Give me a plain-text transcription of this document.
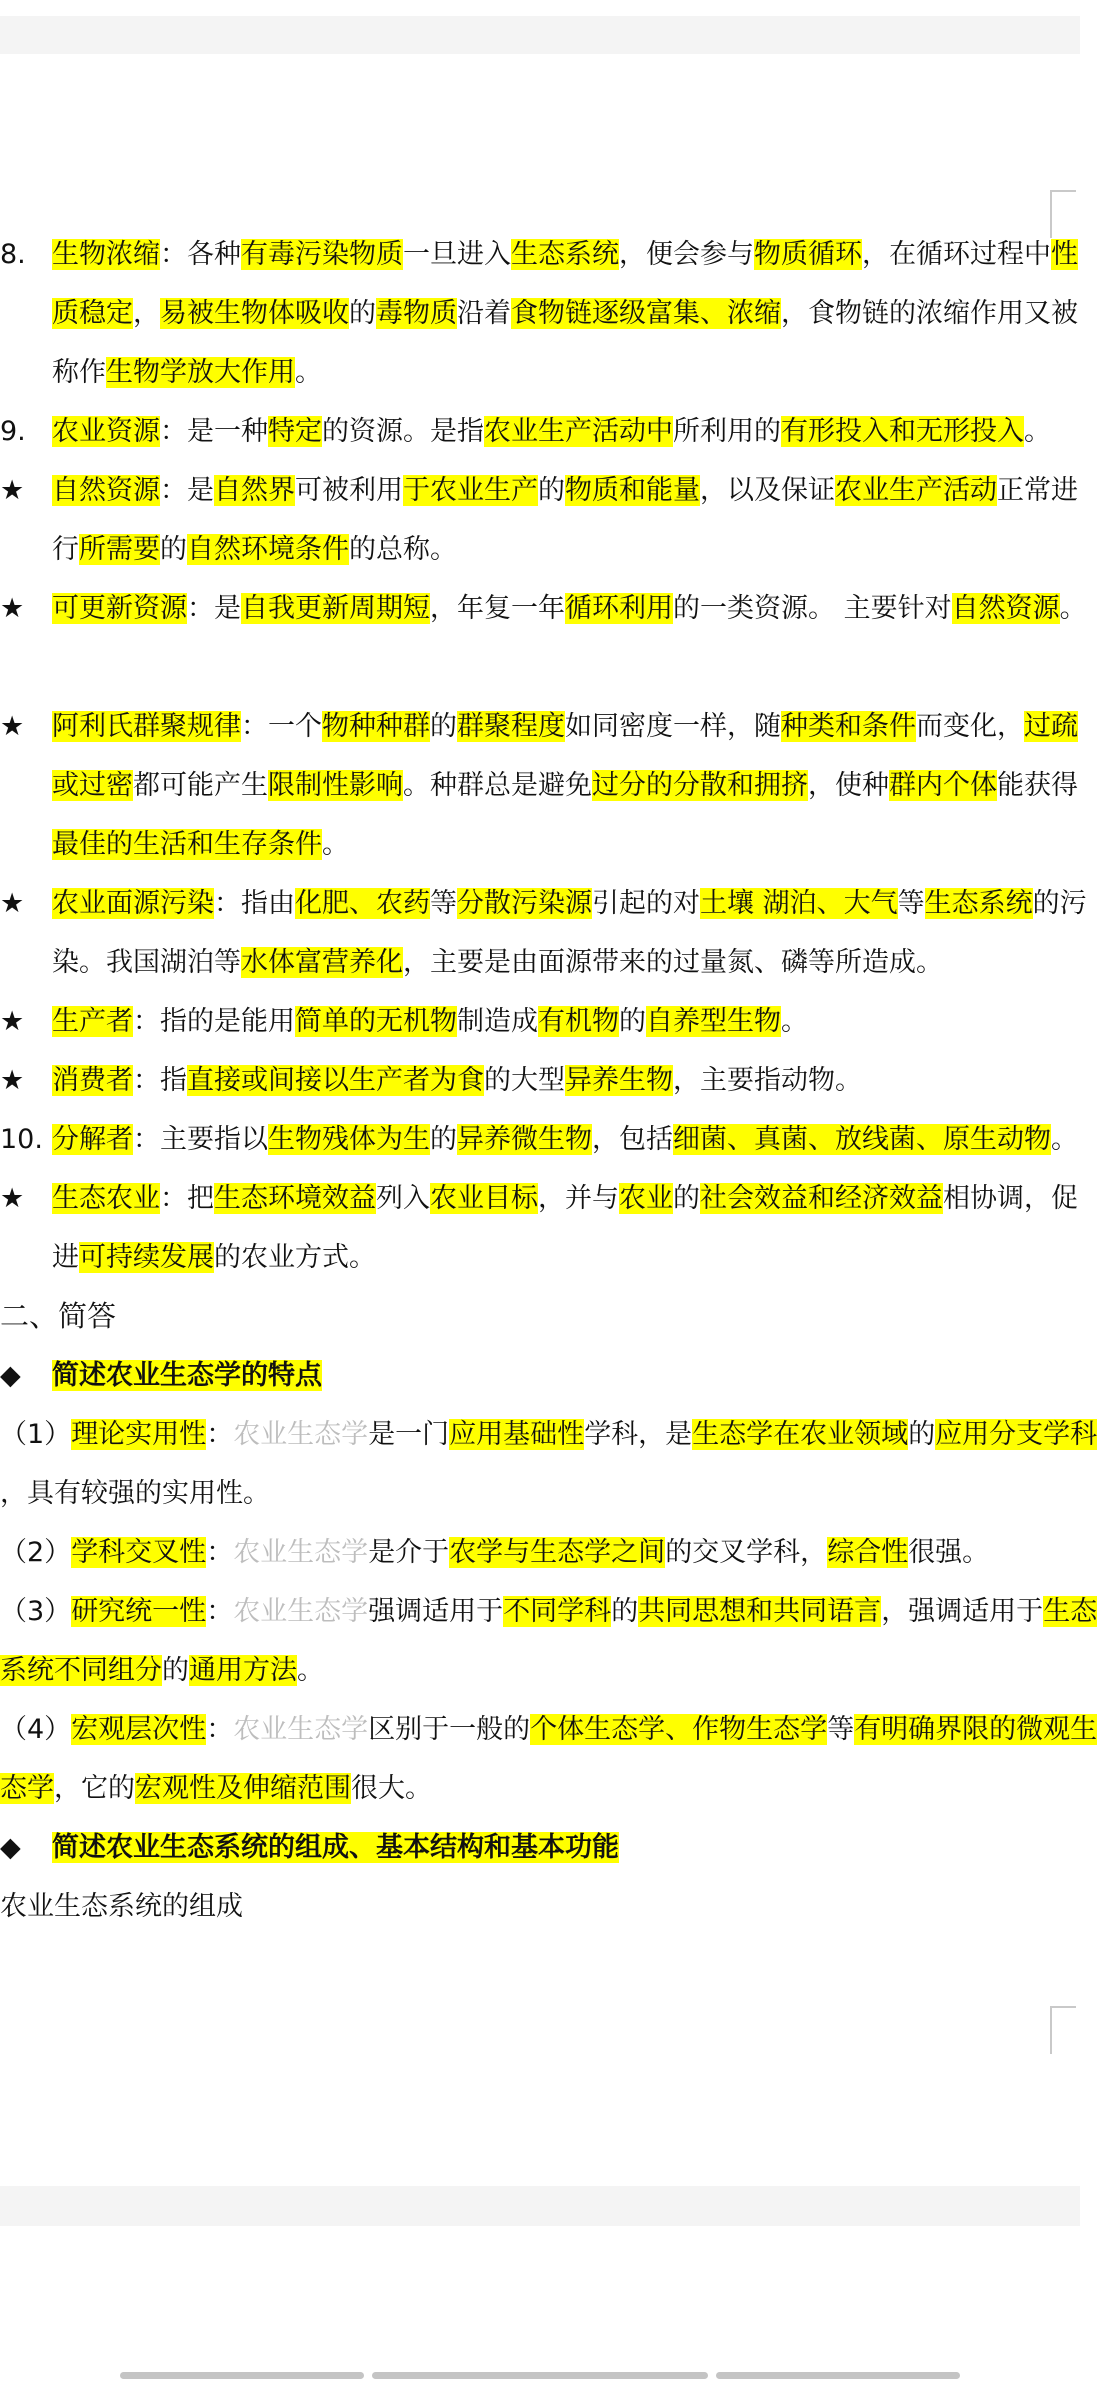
8. 生物浓缩：各种有毒污染物质一旦进入生态系统，便会参与物质循环，在循环过程中性
质稳定，易被生物体吸收的毒物质沿着食物链逐级富集、浓缩，食物链的浓缩作用又被
称作生物学放大作用。
9. 农业资源：是一种特定的资源。是指农业生产活动中所利用的有形投入和无形投入。
★ 自然资源：是自然界可被利用于农业生产的物质和能量，以及保证农业生产活动正常进
行所需要的自然环境条件的总称。
★ 可更新资源：是自我更新周期短，年复一年循环利用的一类资源。 主要针对自然资源。
★ 阿利氏群聚规律：一个物种种群的群聚程度如同密度一样，随种类和条件而变化，过疏
或过密都可能产生限制性影响。种群总是避免过分的分散和拥挤，使种群内个体能获得
最佳的生活和生存条件。
★ 农业面源污染：指由化肥、农药等分散污染源引起的对土壤 湖泊、大气等生态系统的污
染。我国湖泊等水体富营养化，主要是由面源带来的过量氮、磷等所造成。
★ 生产者：指的是能用简单的无机物制造成有机物的自养型生物。
★ 消费者：指直接或间接以生产者为食的大型异养生物，主要指动物。
10. 分解者：主要指以生物残体为生的异养微生物，包括细菌、真菌、放线菌、原生动物。
★ 生态农业：把生态环境效益列入农业目标，并与农业的社会效益和经济效益相协调，促
进可持续发展的农业方式。
二、简答
◆ 简述农业生态学的特点
（1）理论实用性：农业生态学是一门应用基础性学科，是生态学在农业领域的应用分支学科
，具有较强的实用性。
（2）学科交叉性：农业生态学是介于农学与生态学之间的交叉学科，综合性很强。
（3）研究统一性：农业生态学强调适用于不同学科的共同思想和共同语言，强调适用于生态
系统不同组分的通用方法。
（4）宏观层次性：农业生态学区别于一般的个体生态学、作物生态学等有明确界限的微观生
态学，它的宏观性及伸缩范围很大。
◆ 简述农业生态系统的组成、基本结构和基本功能
农业生态系统的组成
